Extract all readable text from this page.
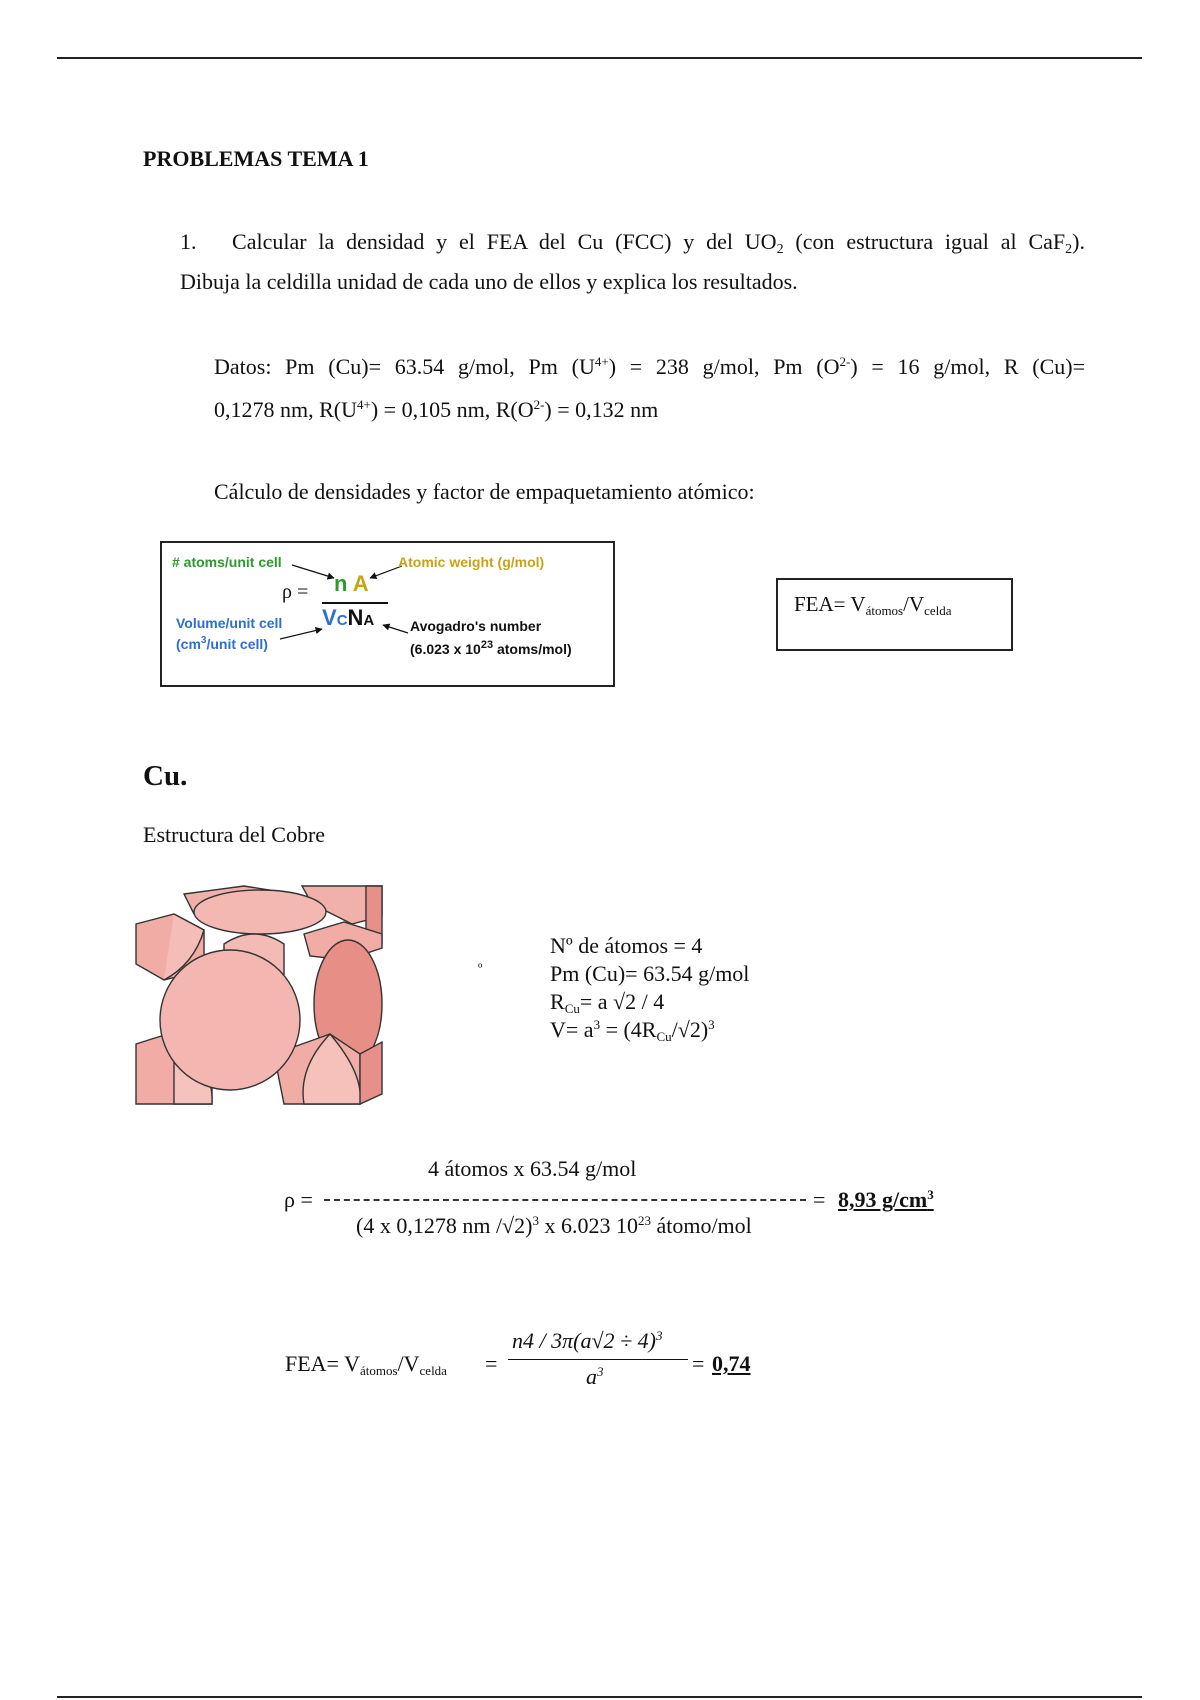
PROBLEMAS TEMA 1
1. Calcular la densidad y el FEA del Cu (FCC) y del $UO_2$ (con estructura igual al CaF$_2$).
Dibuja la celdilla unidad de cada uno de ellos y explica los resultados.
Datos: Pm (Cu)= 63.54 g/mol, Pm $(U^{4+}) = 238$ g/mol, Pm $(O^{2-}) = 16$ g/mol, R (Cu)=
0,1278 nm, $R(U^{4+}) = 0,105$ nm, $R(O^{2-}) = 0,132$ nm
Cálculo de densidades y factor de empaquetamiento atómico:
# atoms/unit cell	Atomic weight (g/mol)
ρ = n A
VCNA
Volume/unit cell
($cm^3$/unit cell)
Avogadro's number
(6.023 x $10^{23}$ atoms/mol)
$FEA= V_{átomos}/V_{celda}$
Cu.
Estructura del Cobre
º
Nº de átomos = 4
Pm (Cu)= 63.54 g/mol
$R_{Cu}= a$ √2 / 4
$V= a^3 = (4R_{Cu}/√2)^3$
4 átomos x 63.54 g/mol
ρ =	= 8,93 $g/cm^3$
(4 x 0,1278 nm /√2)$^3$ x 6.023 $10^{23}$ átomo/mol
$FEA= V_{átomos}/V_{celda}$ =
$n4 / 3\pi(a√2 \div 4)^3$
$a^3$	= 0,74
